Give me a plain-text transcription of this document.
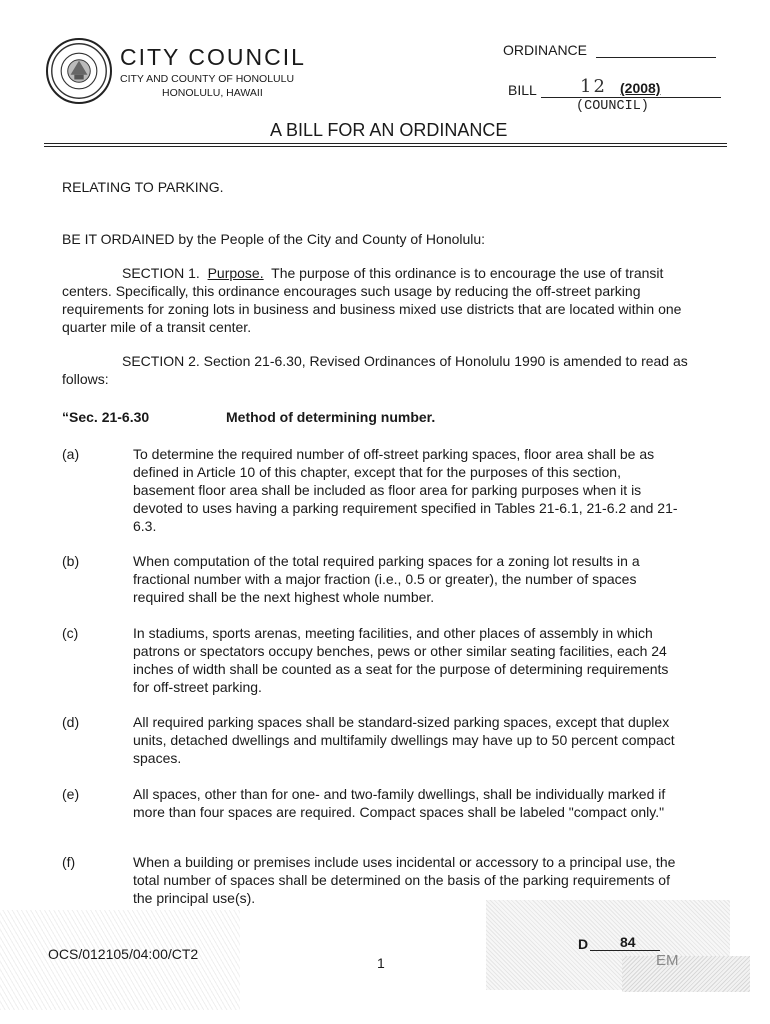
CITY COUNCIL
CITY AND COUNTY OF HONOLULU
HONOLULU, HAWAII
ORDINANCE
BILL 12 (2008)
(COUNCIL)
A BILL FOR AN ORDINANCE
RELATING TO PARKING.
BE IT ORDAINED by the People of the City and County of Honolulu:
SECTION 1. Purpose. The purpose of this ordinance is to encourage the use of transit centers. Specifically, this ordinance encourages such usage by reducing the off-street parking requirements for zoning lots in business and business mixed use districts that are located within one quarter mile of a transit center.
SECTION 2. Section 21-6.30, Revised Ordinances of Honolulu 1990 is amended to read as follows:
“Sec. 21-6.30	Method of determining number.
(a)	To determine the required number of off-street parking spaces, floor area shall be as defined in Article 10 of this chapter, except that for the purposes of this section, basement floor area shall be included as floor area for parking purposes when it is devoted to uses having a parking requirement specified in Tables 21-6.1, 21-6.2 and 21-6.3.
(b)	When computation of the total required parking spaces for a zoning lot results in a fractional number with a major fraction (i.e., 0.5 or greater), the number of spaces required shall be the next highest whole number.
(c)	In stadiums, sports arenas, meeting facilities, and other places of assembly in which patrons or spectators occupy benches, pews or other similar seating facilities, each 24 inches of width shall be counted as a seat for the purpose of determining requirements for off-street parking.
(d)	All required parking spaces shall be standard-sized parking spaces, except that duplex units, detached dwellings and multifamily dwellings may have up to 50 percent compact spaces.
(e)	All spaces, other than for one- and two-family dwellings, shall be individually marked if more than four spaces are required. Compact spaces shall be labeled "compact only."
(f)	When a building or premises include uses incidental or accessory to a principal use, the total number of spaces shall be determined on the basis of the parking requirements of the principal use(s).
OCS/012105/04:00/CT2
1
D 84
EM
